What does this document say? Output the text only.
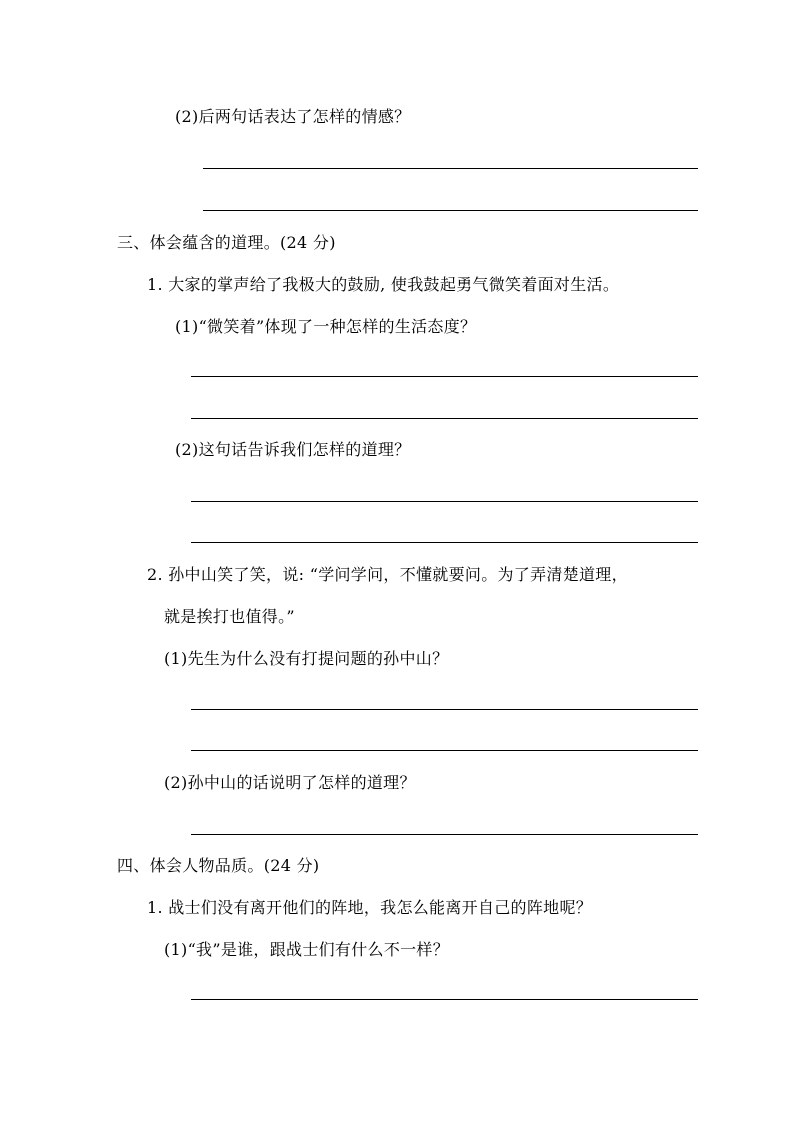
(2)后两句话表达了怎样的情感？
三、体会蕴含的道理。(24 分)
1. 大家的掌声给了我极大的鼓励, 使我鼓起勇气微笑着面对生活。
(1)“微笑着”体现了一种怎样的生活态度？
(2)这句话告诉我们怎样的道理？
2. 孙中山笑了笑，说: “学问学问，不懂就要问。为了弄清楚道理，
就是挨打也值得。”
(1)先生为什么没有打提问题的孙中山？
(2)孙中山的话说明了怎样的道理？
四、体会人物品质。(24 分)
1. 战士们没有离开他们的阵地，我怎么能离开自己的阵地呢？
(1)“我”是谁，跟战士们有什么不一样？
